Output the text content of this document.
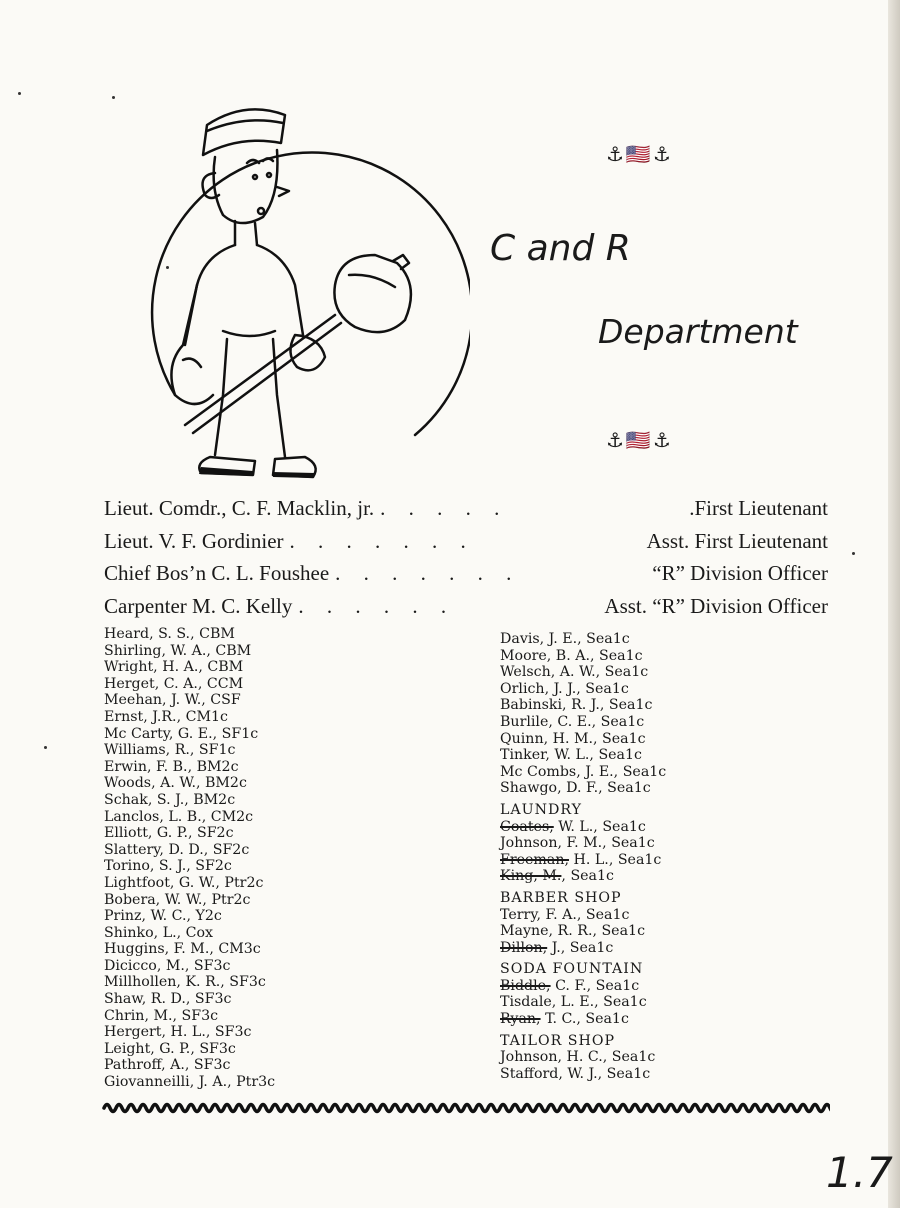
⚓🇺🇸⚓
C and R
Department
⚓🇺🇸⚓
Lieut. Comdr., C. F. Macklin, jr. . . . . .	.First Lieutenant
Lieut. V. F. Gordinier . . . . . . .	Asst. First Lieutenant
Chief Bos’n C. L. Foushee . . . . . . .	“R” Division Officer
Carpenter M. C. Kelly . . . . . .	Asst. “R” Division Officer
Heard, S. S., CBM
Shirling, W. A., CBM
Wright, H. A., CBM
Herget, C. A., CCM
Meehan, J. W., CSF
Ernst, J.R., CM1c
Mc Carty, G. E., SF1c
Williams, R., SF1c
Erwin, F. B., BM2c
Woods, A. W., BM2c
Schak, S. J., BM2c
Lanclos, L. B., CM2c
Elliott, G. P., SF2c
Slattery, D. D., SF2c
Torino, S. J., SF2c
Lightfoot, G. W., Ptr2c
Bobera, W. W., Ptr2c
Prinz, W. C., Y2c
Shinko, L., Cox
Huggins, F. M., CM3c
Dicicco, M., SF3c
Millhollen, K. R., SF3c
Shaw, R. D., SF3c
Chrin, M., SF3c
Hergert, H. L., SF3c
Leight, G. P., SF3c
Pathroff, A., SF3c
Giovanneilli, J. A., Ptr3c
Davis, J. E., Sea1c
Moore, B. A., Sea1c
Welsch, A. W., Sea1c
Orlich, J. J., Sea1c
Babinski, R. J., Sea1c
Burlile, C. E., Sea1c
Quinn, H. M., Sea1c
Tinker, W. L., Sea1c
Mc Combs, J. E., Sea1c
Shawgo, D. F., Sea1c
LAUNDRY
Coates, W. L., Sea1c
Johnson, F. M., Sea1c
Freeman, H. L., Sea1c
King, M., Sea1c
BARBER SHOP
Terry, F. A., Sea1c
Mayne, R. R., Sea1c
Dillon, J., Sea1c
SODA FOUNTAIN
Biddle, C. F., Sea1c
Tisdale, L. E., Sea1c
Ryan, T. C., Sea1c
TAILOR SHOP
Johnson, H. C., Sea1c
Stafford, W. J., Sea1c
1.7
